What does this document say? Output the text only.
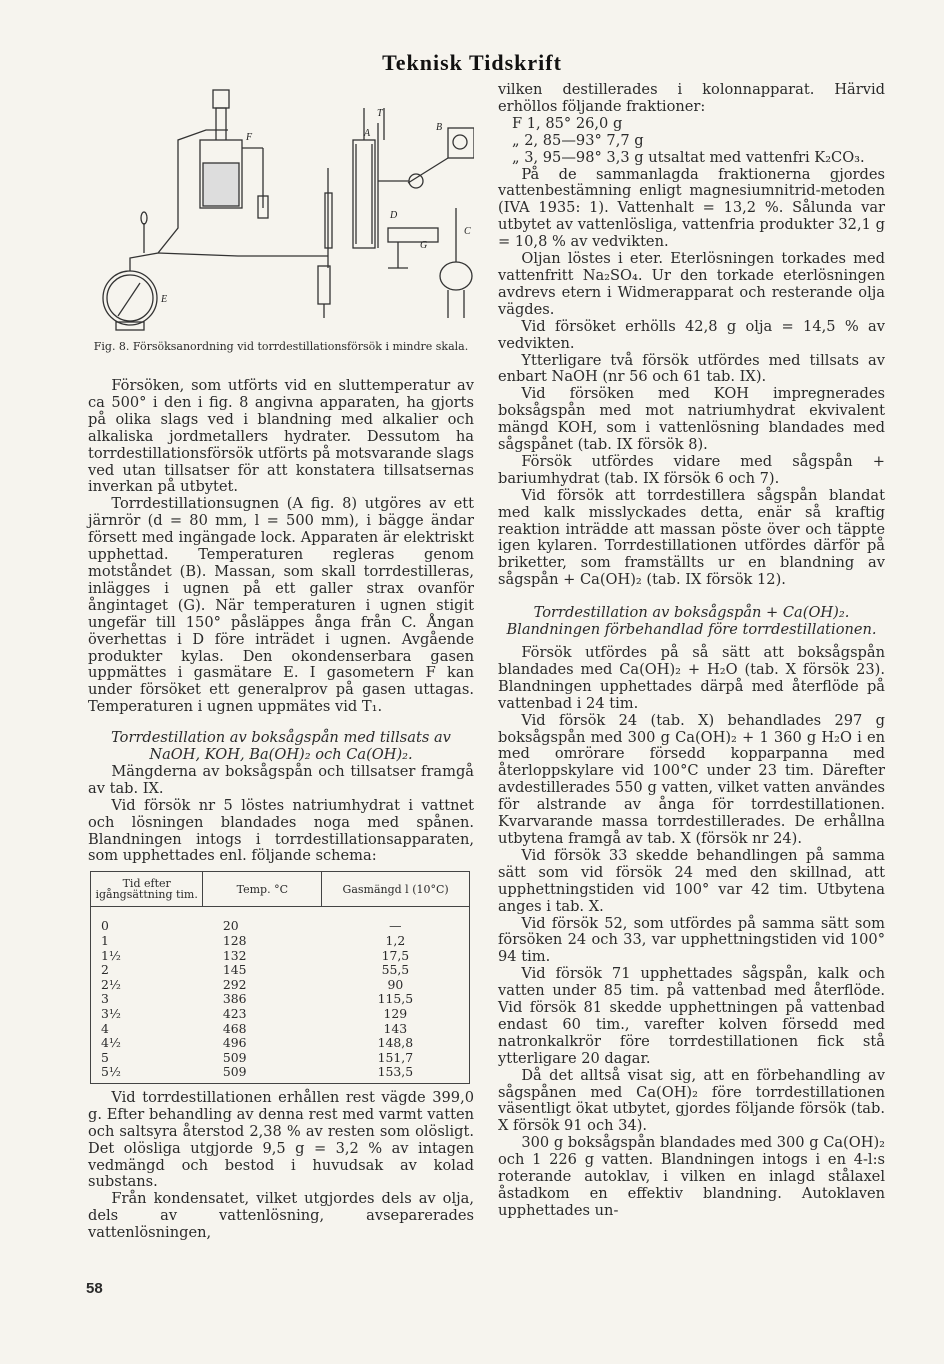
Teknisk Tidskrift
T
A
B
F
D
C
E
G
Fig. 8. Försöksanordning vid torrdestillationsförsök i mindre skala.

Försöken, som utförts vid en sluttemperatur av ca 500° i den i fig. 8 angivna apparaten, ha gjorts på olika slags ved i blandning med alkalier och alkaliska jordmetallers hydrater. Dessutom ha torrdestillationsförsök utförts på motsvarande slags ved utan tillsatser för att konstatera tillsatsernas inverkan på utbytet.

Torrdestillationsugnen (A fig. 8) utgöres av ett järnrör (d = 80 mm, l = 500 mm), i bägge ändar försett med ingängade lock. Apparaten är elektriskt upphettad. Temperaturen regleras genom motståndet (B). Massan, som skall torrdestilleras, inlägges i ugnen på ett galler strax ovanför ångintaget (G). När temperaturen i ugnen stigit ungefär till 150° påsläppes ånga från C. Ångan överhettas i D före inträdet i ugnen. Avgående produkter kylas. Den okondenserbara gasen uppmättes i gasmätare E. I gasometern F kan under försöket ett generalprov på gasen uttagas. Temperaturen i ugnen uppmätes vid T₁.

Torrdestillation av boksågspån med tillsats av NaOH, KOH, Ba(OH)₂ och Ca(OH)₂.

Mängderna av boksågspån och tillsatser framgå av tab. IX.

Vid försök nr 5 löstes natriumhydrat i vattnet och lösningen blandades noga med spånen. Blandningen intogs i torrdestillationsapparaten, som upphettades enl. följande schema:

Tid efter igångsättning tim.	Temp. °C	Gasmängd l (10°C)
0	20	—
1	128	1,2
1½	132	17,5
2	145	55,5
2½	292	90
3	386	115,5
3½	423	129
4	468	143
4½	496	148,8
5	509	151,7
5½	509	153,5

Vid torrdestillationen erhållen rest vägde 399,0 g. Efter behandling av denna rest med varmt vatten och saltsyra återstod 2,38 % av resten som olösligt. Det olösliga utgjorde 9,5 g = 3,2 % av intagen vedmängd och bestod i huvudsak av kolad substans.

Från kondensatet, vilket utgjordes dels av olja, dels av vattenlösning, avseparerades vattenlösningen,

vilken destillerades i kolonnapparat. Härvid erhöllos följande fraktioner:

F 1, 85° 26,0 g
„ 2, 85—93° 7,7 g
„ 3, 95—98° 3,3 g utsaltat med vattenfri K₂CO₃.

På de sammanlagda fraktionerna gjordes vattenbestämning enligt magnesiumnitrid-metoden (IVA 1935: 1). Vattenhalt = 13,2 %. Sålunda var utbytet av vattenlösliga, vattenfria produkter 32,1 g = 10,8 % av vedvikten.

Oljan löstes i eter. Eterlösningen torkades med vattenfritt Na₂SO₄. Ur den torkade eterlösningen avdrevs etern i Widmerapparat och resterande olja vägdes.

Vid försöket erhölls 42,8 g olja = 14,5 % av vedvikten.

Ytterligare två försök utfördes med tillsats av enbart NaOH (nr 56 och 61 tab. IX).

Vid försöken med KOH impregnerades boksågspån med mot natriumhydrat ekvivalent mängd KOH, som i vattenlösning blandades med sågspånet (tab. IX försök 8).

Försök utfördes vidare med sågspån + bariumhydrat (tab. IX försök 6 och 7).

Vid försök att torrdestillera sågspån blandat med kalk misslyckades detta, enär så kraftig reaktion inträdde att massan pöste över och täppte igen kylaren. Torrdestillationen utfördes därför på briketter, som framställts ur en blandning av sågspån + Ca(OH)₂ (tab. IX försök 12).

Torrdestillation av boksågspån + Ca(OH)₂. Blandningen förbehandlad före torrdestillationen.

Försök utfördes på så sätt att boksågspån blandades med Ca(OH)₂ + H₂O (tab. X försök 23). Blandningen upphettades därpå med återflöde på vattenbad i 24 tim.

Vid försök 24 (tab. X) behandlades 297 g boksågspån med 300 g Ca(OH)₂ + 1 360 g H₂O i en med omrörare försedd kopparpanna med återloppskylare vid 100°C under 23 tim. Därefter avdestillerades 550 g vatten, vilket vatten användes för alstrande av ånga för torrdestillationen. Kvarvarande massa torrdestillerades. De erhållna utbytena framgå av tab. X (försök nr 24).

Vid försök 33 skedde behandlingen på samma sätt som vid försök 24 med den skillnad, att upphettningstiden vid 100° var 42 tim. Utbytena anges i tab. X.

Vid försök 52, som utfördes på samma sätt som försöken 24 och 33, var upphettningstiden vid 100° 94 tim.

Vid försök 71 upphettades sågspån, kalk och vatten under 85 tim. på vattenbad med återflöde. Vid försök 81 skedde upphettningen på vattenbad endast 60 tim., varefter kolven försedd med natronkalkrör före torrdestillationen fick stå ytterligare 20 dagar.

Då det alltså visat sig, att en förbehandling av sågspånen med Ca(OH)₂ före torrdestillationen väsentligt ökat utbytet, gjordes följande försök (tab. X försök 91 och 34).

300 g boksågspån blandades med 300 g Ca(OH)₂ och 1 226 g vatten. Blandningen intogs i en 4-l:s roterande autoklav, i vilken en inlagd stålaxel åstadkom en effektiv blandning. Autoklaven upphettades un-

58
